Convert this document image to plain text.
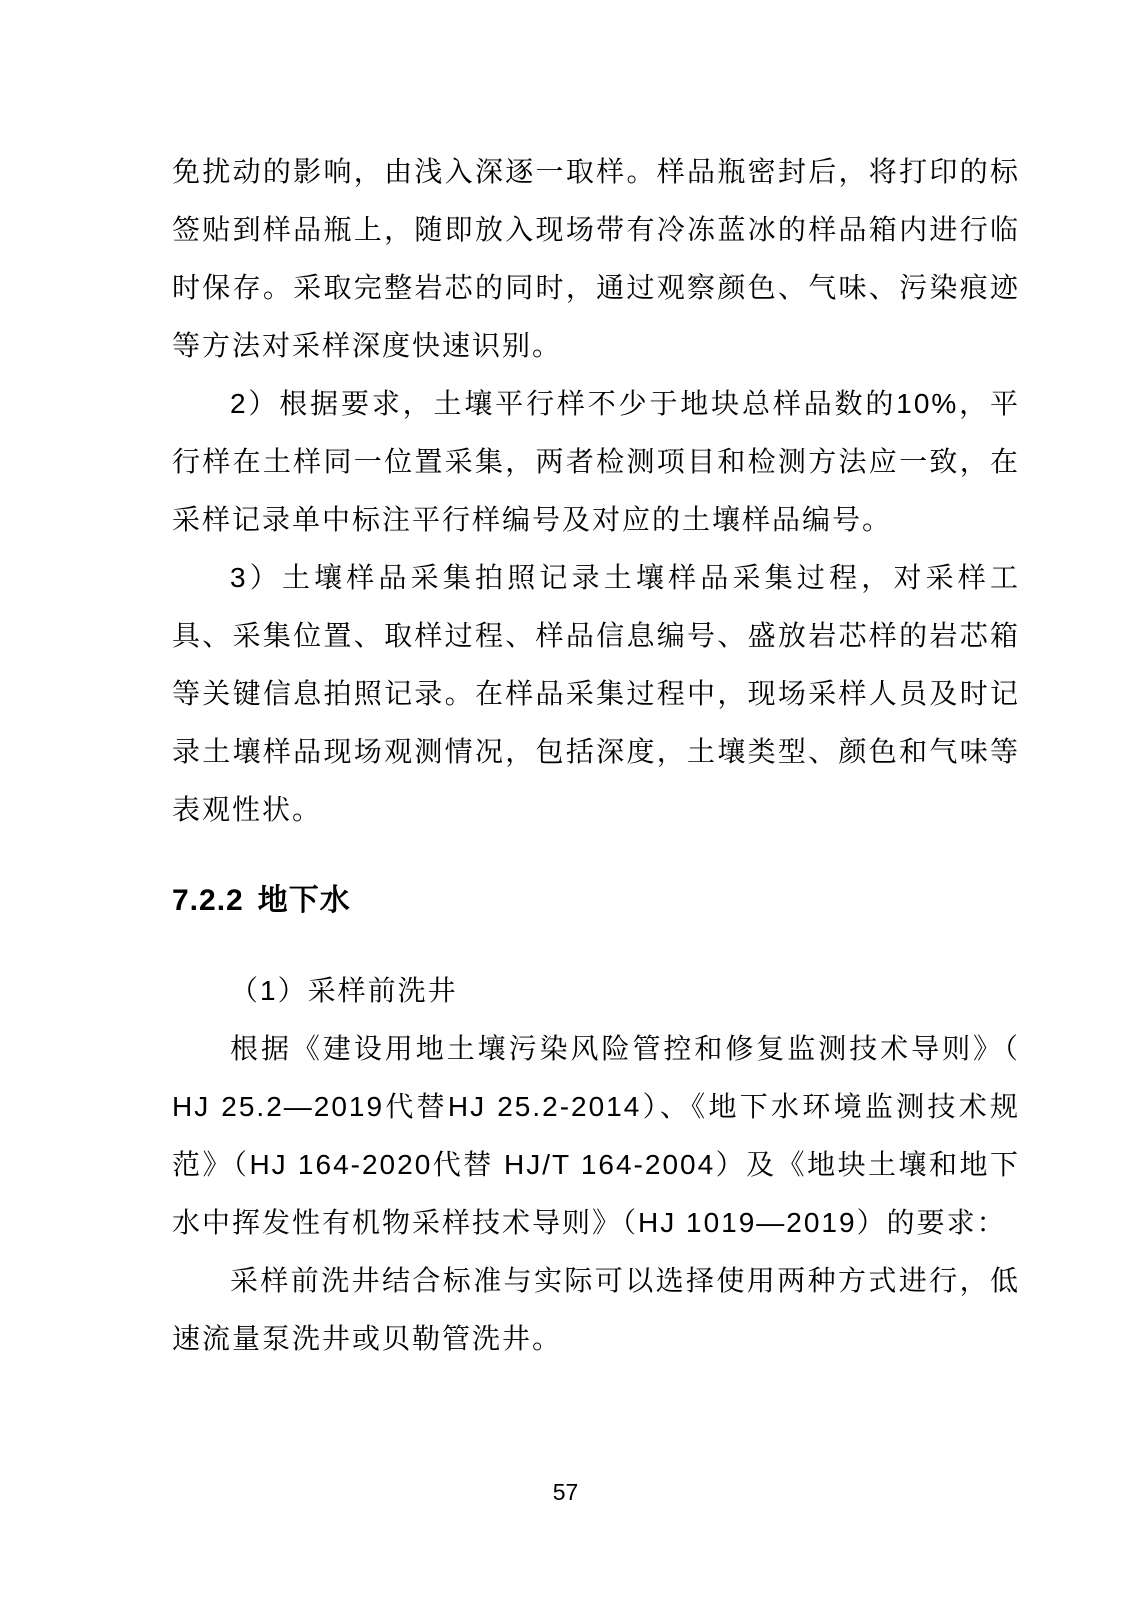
免扰动的影响，由浅入深逐一取样。样品瓶密封后，将打印的标签贴到样品瓶上，随即放入现场带有冷冻蓝冰的样品箱内进行临时保存。采取完整岩芯的同时，通过观察颜色、气味、污染痕迹等方法对采样深度快速识别。

2）根据要求，土壤平行样不少于地块总样品数的10%，平行样在土样同一位置采集，两者检测项目和检测方法应一致，在采样记录单中标注平行样编号及对应的土壤样品编号。

3）土壤样品采集拍照记录土壤样品采集过程，对采样工具、采集位置、取样过程、样品信息编号、盛放岩芯样的岩芯箱等关键信息拍照记录。在样品采集过程中，现场采样人员及时记录土壤样品现场观测情况，包括深度，土壤类型、颜色和气味等表观性状。

7.2.2 地下水

（1）采样前洗井

根据《建设用地土壤污染风险管控和修复监测技术导则》（ HJ 25.2—2019代替HJ 25.2-2014）、《地下水环境监测技术规范》（HJ 164-2020代替 HJ/T 164-2004）及《地块土壤和地下水中挥发性有机物采样技术导则》（HJ 1019—2019）的要求：

采样前洗井结合标准与实际可以选择使用两种方式进行，低速流量泵洗井或贝勒管洗井。

57
